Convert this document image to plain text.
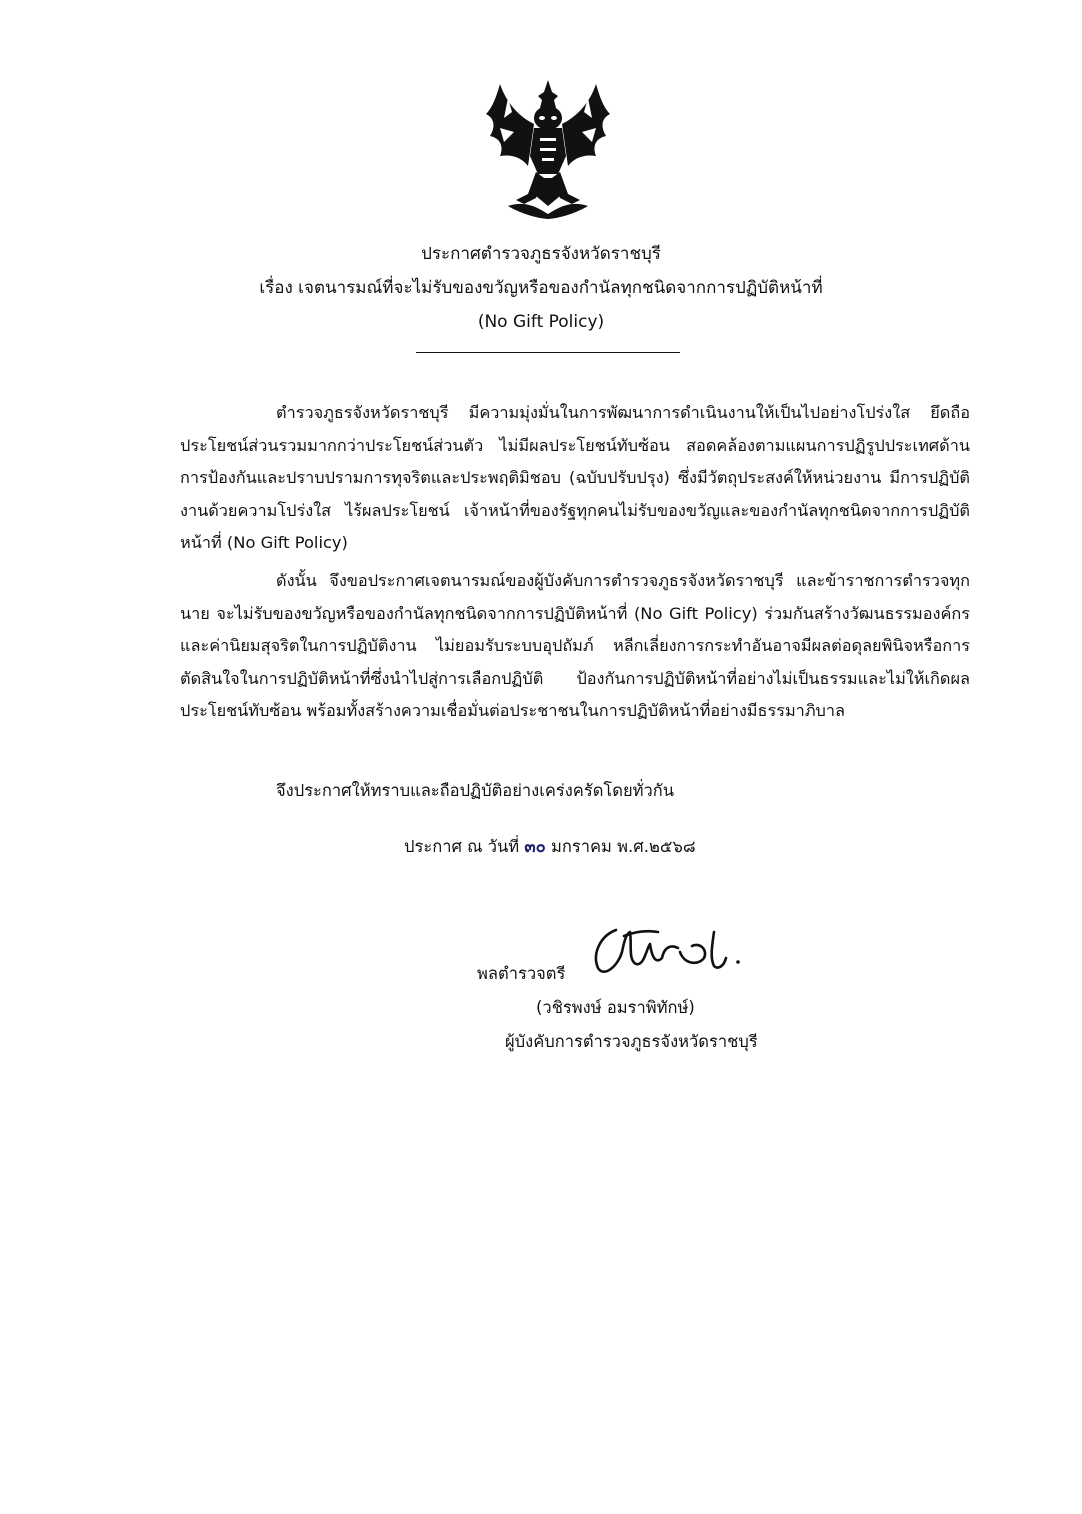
ประกาศตำรวจภูธรจังหวัดราชบุรี
เรื่อง เจตนารมณ์ที่จะไม่รับของขวัญหรือของกำนัลทุกชนิดจากการปฏิบัติหน้าที่
(No Gift Policy)
ตำรวจภูธรจังหวัดราชบุรี มีความมุ่งมั่นในการพัฒนาการดำเนินงานให้เป็นไปอย่างโปร่งใส ยึดถือประโยชน์ส่วนรวมมากกว่าประโยชน์ส่วนตัว ไม่มีผลประโยชน์ทับซ้อน สอดคล้องตามแผนการปฏิรูปประเทศด้านการป้องกันและปราบปรามการทุจริตและประพฤติมิชอบ (ฉบับปรับปรุง) ซึ่งมีวัตถุประสงค์ให้หน่วยงาน มีการปฏิบัติงานด้วยความโปร่งใส ไร้ผลประโยชน์ เจ้าหน้าที่ของรัฐทุกคนไม่รับของขวัญและของกำนัลทุกชนิดจากการปฏิบัติหน้าที่ (No Gift Policy)
ดังนั้น จึงขอประกาศเจตนารมณ์ของผู้บังคับการตำรวจภูธรจังหวัดราชบุรี และข้าราชการตำรวจทุกนาย จะไม่รับของขวัญหรือของกำนัลทุกชนิดจากการปฏิบัติหน้าที่ (No Gift Policy) ร่วมกันสร้างวัฒนธรรมองค์กรและค่านิยมสุจริตในการปฏิบัติงาน ไม่ยอมรับระบบอุปถัมภ์ หลีกเลี่ยงการกระทำอันอาจมีผลต่อดุลยพินิจหรือการตัดสินใจในการปฏิบัติหน้าที่ซึ่งนำไปสู่การเลือกปฏิบัติ ป้องกันการปฏิบัติหน้าที่อย่างไม่เป็นธรรมและไม่ให้เกิดผลประโยชน์ทับซ้อน พร้อมทั้งสร้างความเชื่อมั่นต่อประชาชนในการปฏิบัติหน้าที่อย่างมีธรรมาภิบาล
จึงประกาศให้ทราบและถือปฏิบัติอย่างเคร่งครัดโดยทั่วกัน
ประกาศ ณ วันที่ ๓๐ มกราคม พ.ศ.๒๕๖๘
พลตำรวจตรี
(วชิรพงษ์ อมราพิทักษ์)
ผู้บังคับการตำรวจภูธรจังหวัดราชบุรี
